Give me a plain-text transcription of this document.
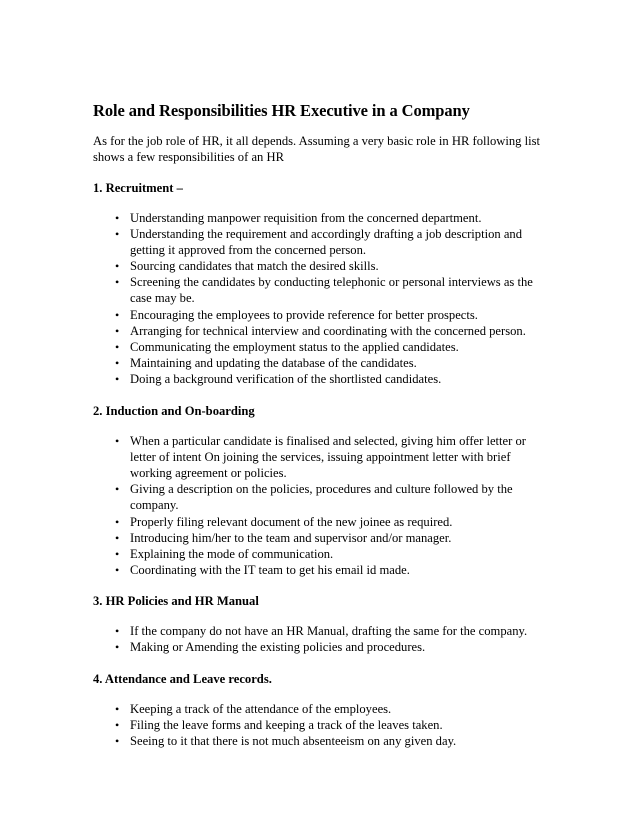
Role and Responsibilities HR Executive in a Company

As for the job role of HR, it all depends. Assuming a very basic role in HR following list shows a few responsibilities of an HR

1. Recruitment –
• Understanding manpower requisition from the concerned department.
• Understanding the requirement and accordingly drafting a job description and getting it approved from the concerned person.
• Sourcing candidates that match the desired skills.
• Screening the candidates by conducting telephonic or personal interviews as the case may be.
• Encouraging the employees to provide reference for better prospects.
• Arranging for technical interview and coordinating with the concerned person.
• Communicating the employment status to the applied candidates.
• Maintaining and updating the database of the candidates.
• Doing a background verification of the shortlisted candidates.
2. Induction and On-boarding
• When a particular candidate is finalised and selected, giving him offer letter or letter of intent On joining the services, issuing appointment letter with brief working agreement or policies.
• Giving a description on the policies, procedures and culture followed by the company.
• Properly filing relevant document of the new joinee as required.
• Introducing him/her to the team and supervisor and/or manager.
• Explaining the mode of communication.
• Coordinating with the IT team to get his email id made.
3. HR Policies and HR Manual
• If the company do not have an HR Manual, drafting the same for the company.
• Making or Amending the existing policies and procedures.
4. Attendance and Leave records.
• Keeping a track of the attendance of the employees.
• Filing the leave forms and keeping a track of the leaves taken.
• Seeing to it that there is not much absenteeism on any given day.
